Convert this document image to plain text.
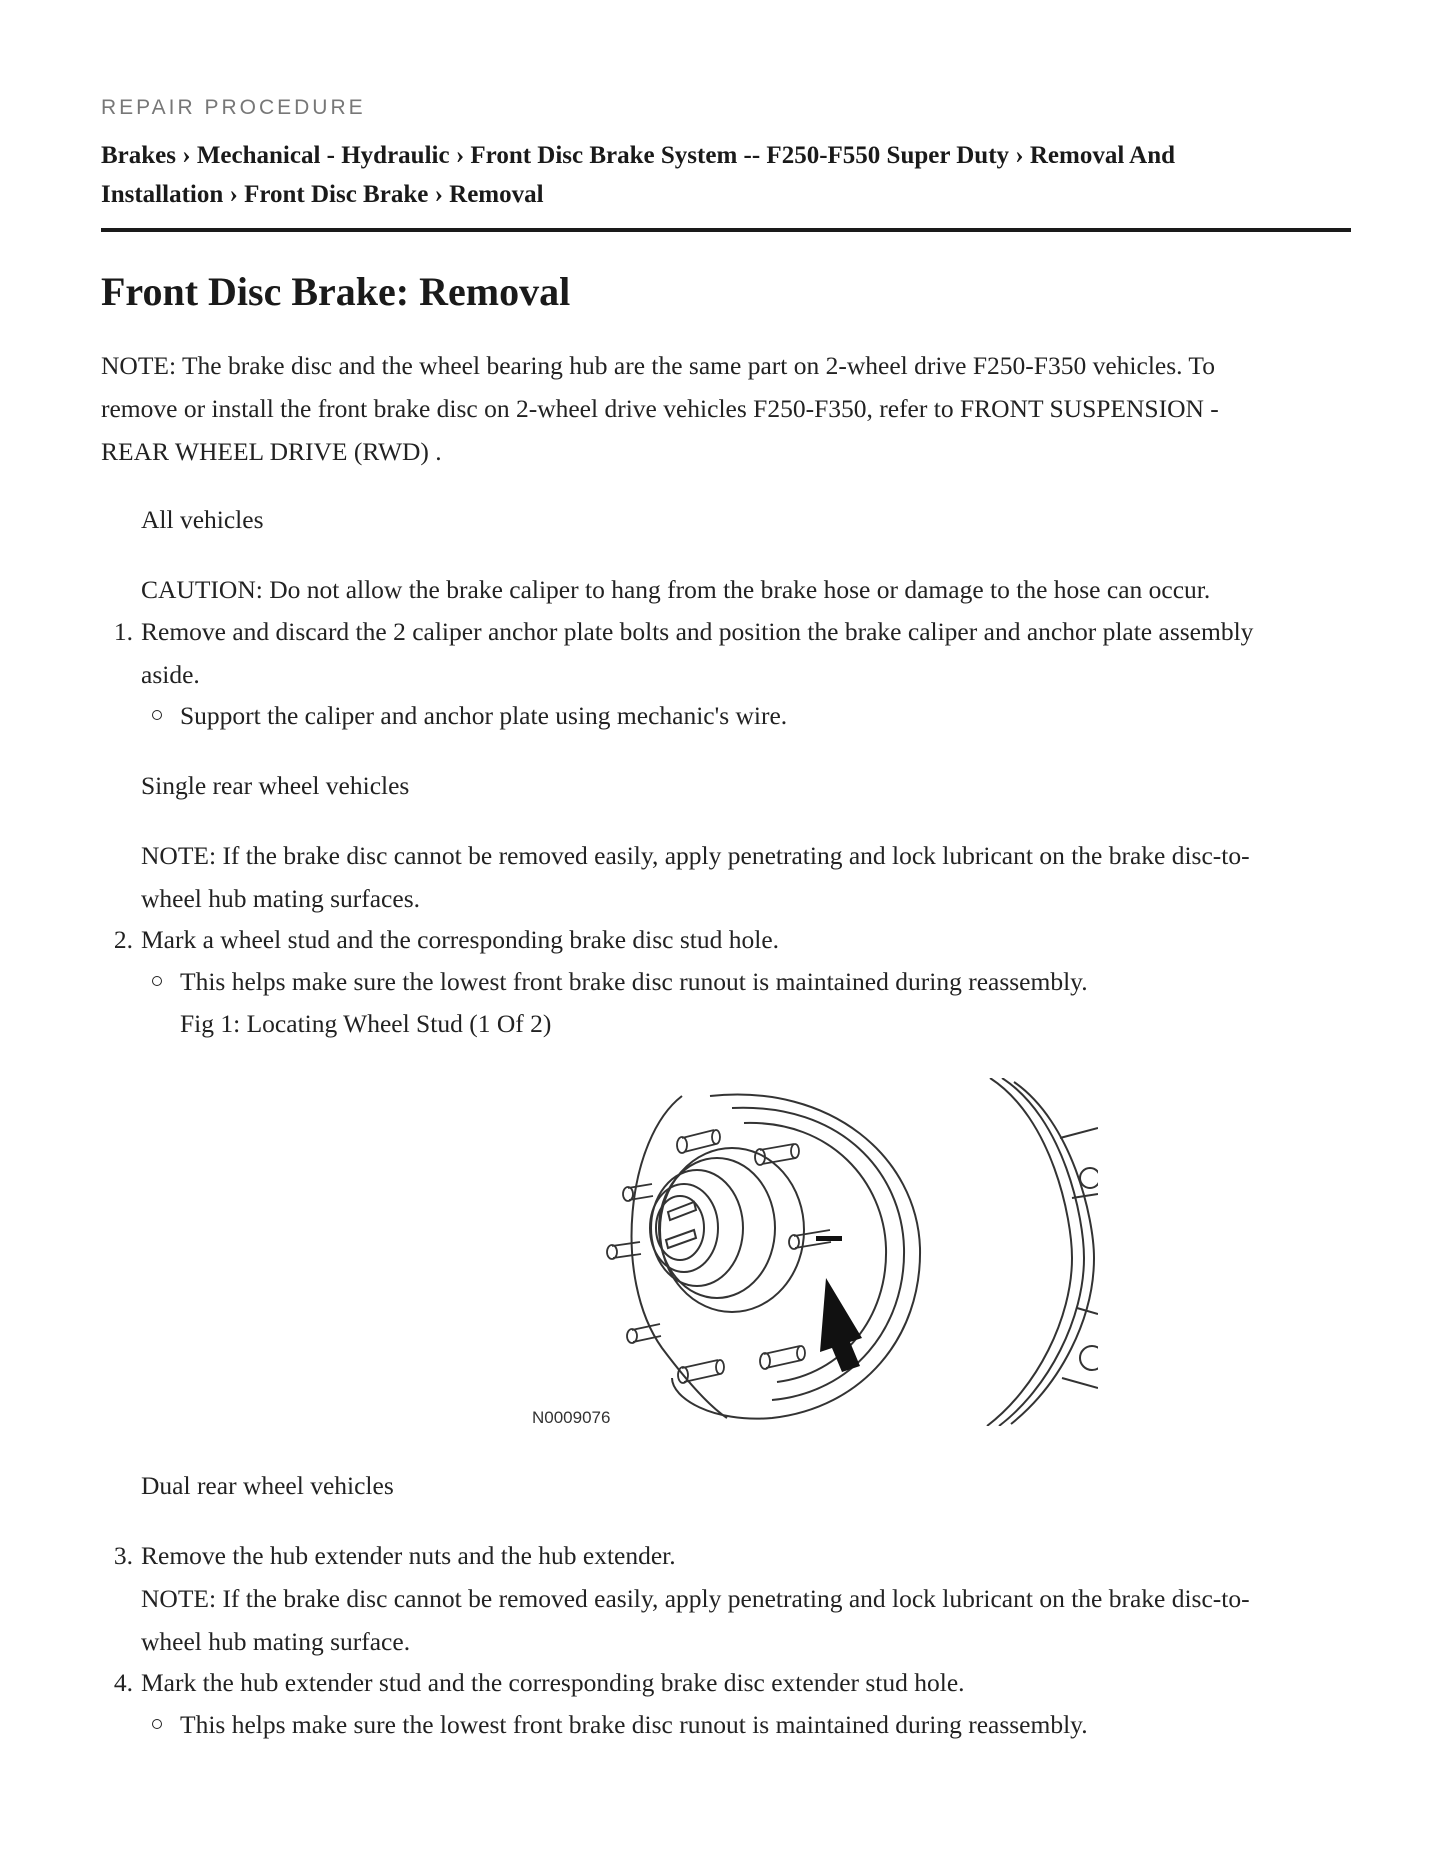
REPAIR PROCEDURE
Brakes › Mechanical - Hydraulic › Front Disc Brake System -- F250-F550 Super Duty › Removal And
Installation › Front Disc Brake › Removal
Front Disc Brake: Removal
NOTE: The brake disc and the wheel bearing hub are the same part on 2-wheel drive F250-F350 vehicles. To
remove or install the front brake disc on 2-wheel drive vehicles F250-F350, refer to FRONT SUSPENSION -
REAR WHEEL DRIVE (RWD) .
All vehicles
CAUTION: Do not allow the brake caliper to hang from the brake hose or damage to the hose can occur.
1. Remove and discard the 2 caliper anchor plate bolts and position the brake caliper and anchor plate assembly
aside.
Support the caliper and anchor plate using mechanic's wire.
Single rear wheel vehicles
NOTE: If the brake disc cannot be removed easily, apply penetrating and lock lubricant on the brake disc-to-
wheel hub mating surfaces.
2. Mark a wheel stud and the corresponding brake disc stud hole.
This helps make sure the lowest front brake disc runout is maintained during reassembly.
Fig 1: Locating Wheel Stud (1 Of 2)
N0009076
Dual rear wheel vehicles
3. Remove the hub extender nuts and the hub extender.
NOTE: If the brake disc cannot be removed easily, apply penetrating and lock lubricant on the brake disc-to-
wheel hub mating surface.
4. Mark the hub extender stud and the corresponding brake disc extender stud hole.
This helps make sure the lowest front brake disc runout is maintained during reassembly.
